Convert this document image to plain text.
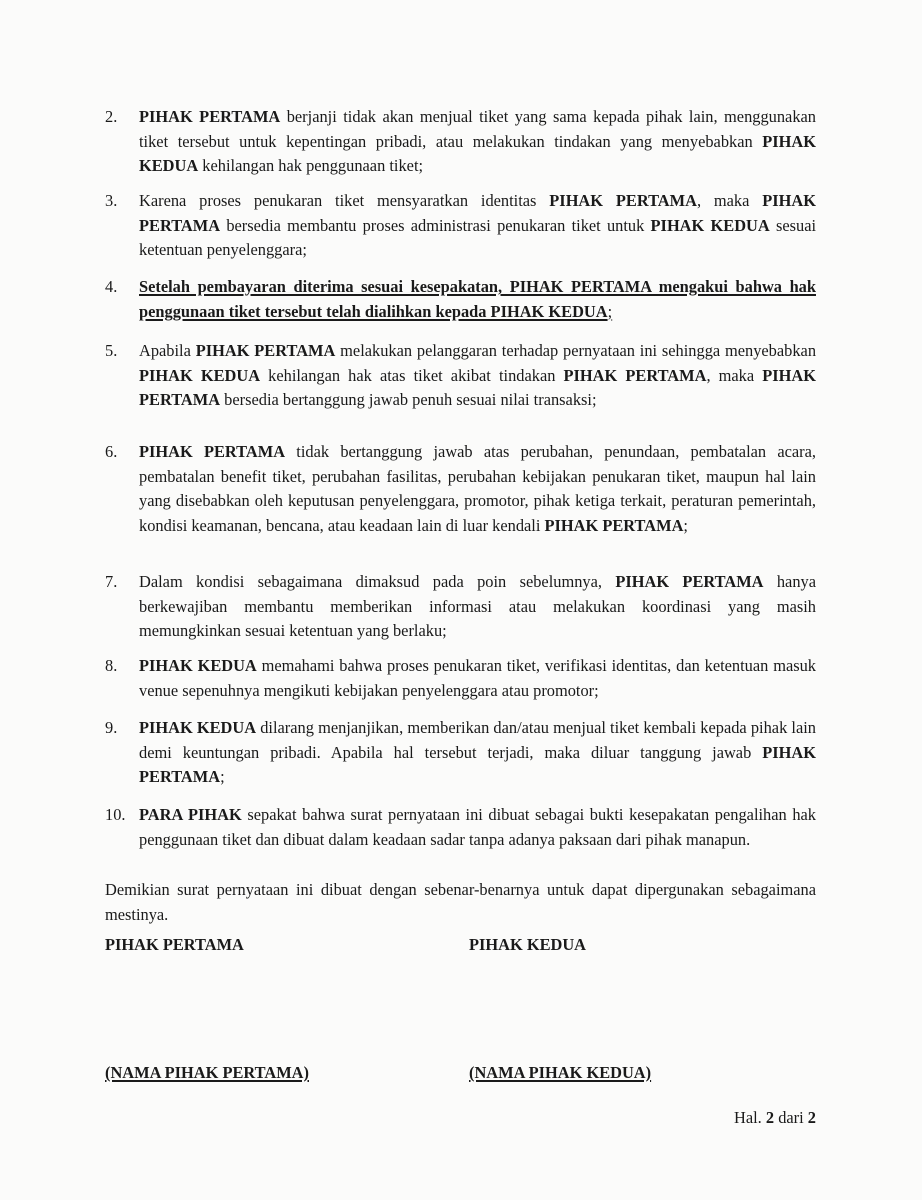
2.	PIHAK PERTAMA berjanji tidak akan menjual tiket yang sama kepada pihak lain, menggunakan tiket tersebut untuk kepentingan pribadi, atau melakukan tindakan yang menyebabkan PIHAK KEDUA kehilangan hak penggunaan tiket;
3.	Karena proses penukaran tiket mensyaratkan identitas PIHAK PERTAMA, maka PIHAK PERTAMA bersedia membantu proses administrasi penukaran tiket untuk PIHAK KEDUA sesuai ketentuan penyelenggara;
4.	Setelah pembayaran diterima sesuai kesepakatan, PIHAK PERTAMA mengakui bahwa hak penggunaan tiket tersebut telah dialihkan kepada PIHAK KEDUA;
5.	Apabila PIHAK PERTAMA melakukan pelanggaran terhadap pernyataan ini sehingga menyebabkan PIHAK KEDUA kehilangan hak atas tiket akibat tindakan PIHAK PERTAMA, maka PIHAK PERTAMA bersedia bertanggung jawab penuh sesuai nilai transaksi;
6.	PIHAK PERTAMA tidak bertanggung jawab atas perubahan, penundaan, pembatalan acara, pembatalan benefit tiket, perubahan fasilitas, perubahan kebijakan penukaran tiket, maupun hal lain yang disebabkan oleh keputusan penyelenggara, promotor, pihak ketiga terkait, peraturan pemerintah, kondisi keamanan, bencana, atau keadaan lain di luar kendali PIHAK PERTAMA;
7.	Dalam kondisi sebagaimana dimaksud pada poin sebelumnya, PIHAK PERTAMA hanya berkewajiban membantu memberikan informasi atau melakukan koordinasi yang masih memungkinkan sesuai ketentuan yang berlaku;
8.	PIHAK KEDUA memahami bahwa proses penukaran tiket, verifikasi identitas, dan ketentuan masuk venue sepenuhnya mengikuti kebijakan penyelenggara atau promotor;
9.	PIHAK KEDUA dilarang menjanjikan, memberikan dan/atau menjual tiket kembali kepada pihak lain demi keuntungan pribadi. Apabila hal tersebut terjadi, maka diluar tanggung jawab PIHAK PERTAMA;
10. PARA PIHAK sepakat bahwa surat pernyataan ini dibuat sebagai bukti kesepakatan pengalihan hak penggunaan tiket dan dibuat dalam keadaan sadar tanpa adanya paksaan dari pihak manapun.
Demikian surat pernyataan ini dibuat dengan sebenar-benarnya untuk dapat dipergunakan sebagaimana mestinya.
PIHAK PERTAMA	PIHAK KEDUA
(NAMA PIHAK PERTAMA)	(NAMA PIHAK KEDUA)
Hal. 2 dari 2
